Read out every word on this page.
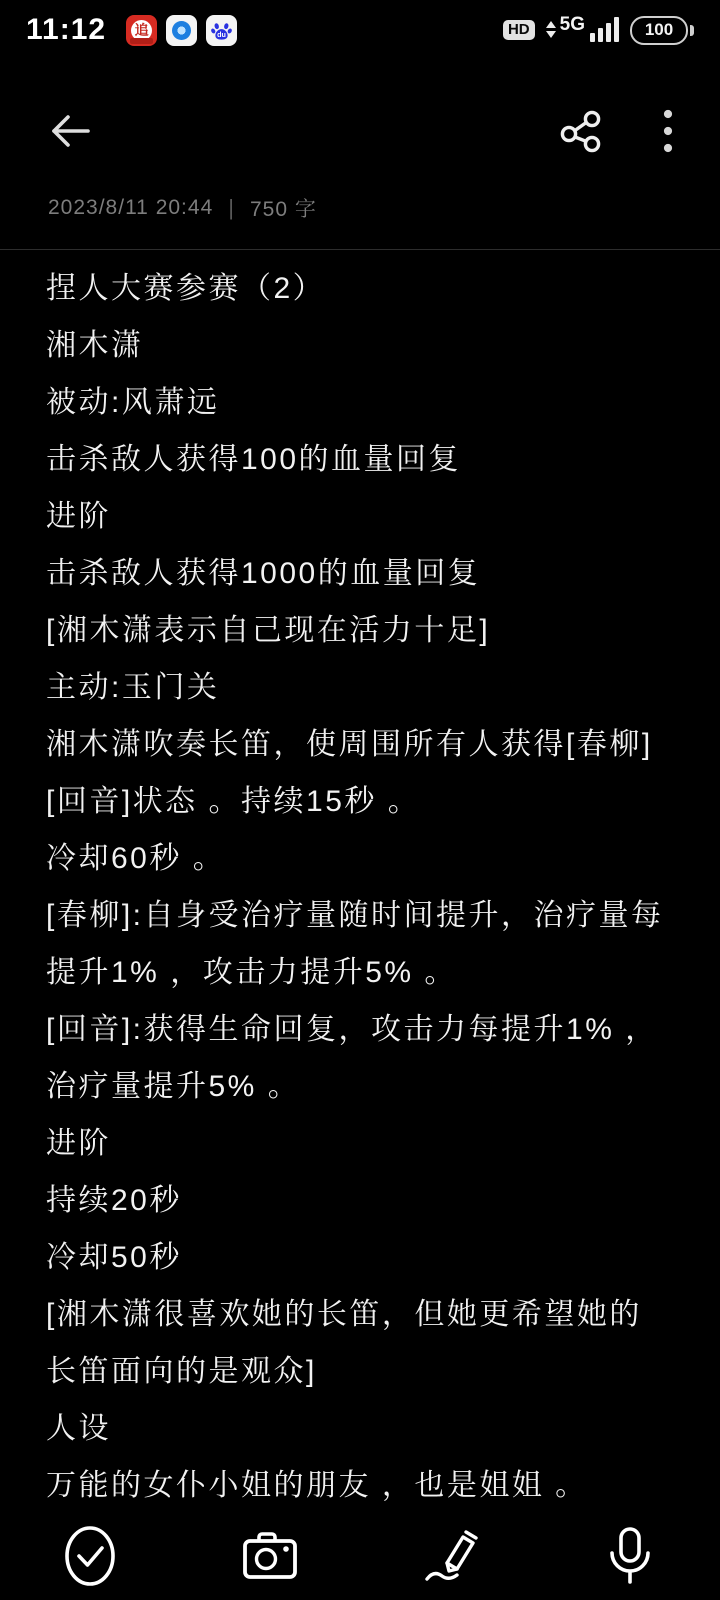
11:12 追	du	HD 5G	100
2023/8/11 20:44 | 750 字

捏人大赛参赛（2）

湘木潇

被动:风萧远

击杀敌人获得100的血量回复

进阶

击杀敌人获得1000的血量回复

[湘木潇表示自己现在活力十足]

主动:玉门关

湘木潇吹奏长笛，使周围所有人获得[春柳][回音]状态 。持续15秒 。

冷却60秒 。

[春柳]:自身受治疗量随时间提升，治疗量每提升1% ，攻击力提升5% 。

[回音]:获得生命回复，攻击力每提升1% ，治疗量提升5% 。

进阶

持续20秒

冷却50秒

[湘木潇很喜欢她的长笛，但她更希望她的长笛面向的是观众]

人设

万能的女仆小姐的朋友 ，也是姐姐 。
